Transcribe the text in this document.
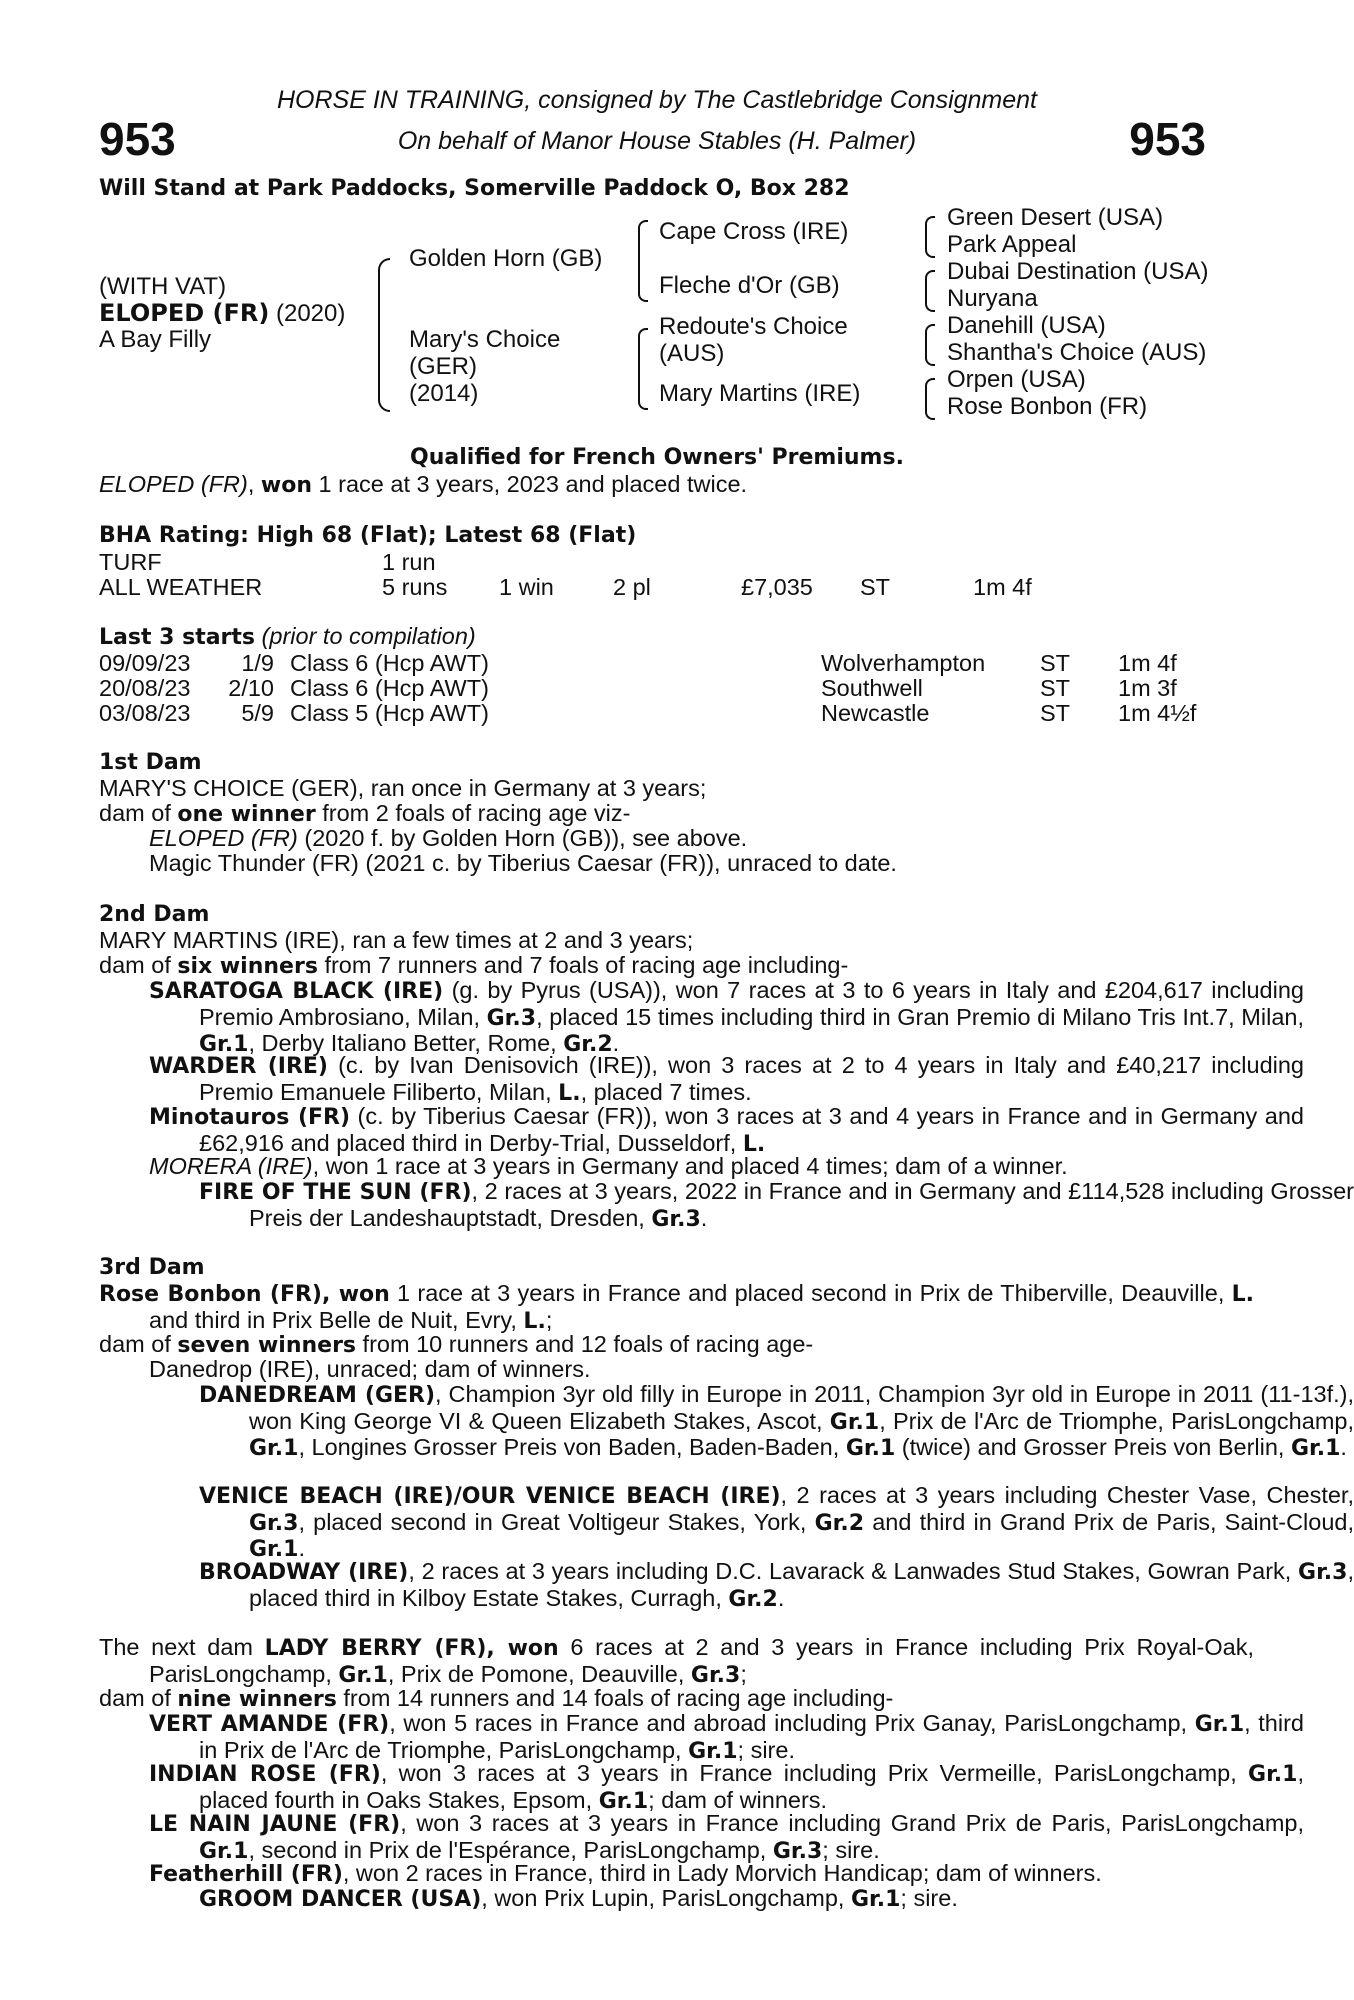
953	953
HORSE IN TRAINING, consigned by The Castlebridge Consignment
On behalf of Manor House Stables (H. Palmer)
Will Stand at Park Paddocks, Somerville Paddock O, Box 282
(WITH VAT)
ELOPED (FR) (2020)
A Bay Filly
Golden Horn (GB)
Mary's Choice
(GER)
(2014)
Cape Cross (IRE)
Fleche d'Or (GB)
Redoute's Choice
(AUS)
Mary Martins (IRE)
Green Desert (USA)
Park Appeal
Dubai Destination (USA)
Nuryana
Danehill (USA)
Shantha's Choice (AUS)
Orpen (USA)
Rose Bonbon (FR)
Qualified for French Owners' Premiums.
ELOPED (FR), won 1 race at 3 years, 2023 and placed twice.
BHA Rating: High 68 (Flat); Latest 68 (Flat)
TURF	1 run
ALL WEATHER	5 runs 1 win	2 pl	£7,035 ST	1m 4f
Last 3 starts (prior to compilation)
09/09/23	1/9 Class 6 (Hcp AWT)	Wolverhampton ST 1m 4f
20/08/23	2/10 Class 6 (Hcp AWT)	Southwell	ST 1m 3f
03/08/23	5/9 Class 5 (Hcp AWT)	Newcastle	ST 1m 4½f
1st Dam
MARY'S CHOICE (GER), ran once in Germany at 3 years;
dam of one winner from 2 foals of racing age viz-
ELOPED (FR) (2020 f. by Golden Horn (GB)), see above.
Magic Thunder (FR) (2021 c. by Tiberius Caesar (FR)), unraced to date.
2nd Dam
MARY MARTINS (IRE), ran a few times at 2 and 3 years;
dam of six winners from 7 runners and 7 foals of racing age including-
SARATOGA BLACK (IRE) (g. by Pyrus (USA)), won 7 races at 3 to 6 years in Italy and £204,617 including Premio Ambrosiano, Milan, Gr.3, placed 15 times including third in Gran Premio di Milano Tris Int.7, Milan, Gr.1, Derby Italiano Better, Rome, Gr.2.
WARDER (IRE) (c. by Ivan Denisovich (IRE)), won 3 races at 2 to 4 years in Italy and £40,217 including Premio Emanuele Filiberto, Milan, L., placed 7 times.
Minotauros (FR) (c. by Tiberius Caesar (FR)), won 3 races at 3 and 4 years in France and in Germany and £62,916 and placed third in Derby-Trial, Dusseldorf, L.
MORERA (IRE), won 1 race at 3 years in Germany and placed 4 times; dam of a winner.
FIRE OF THE SUN (FR), 2 races at 3 years, 2022 in France and in Germany and £114,528 including Grosser Preis der Landeshauptstadt, Dresden, Gr.3.
3rd Dam
Rose Bonbon (FR), won 1 race at 3 years in France and placed second in Prix de Thiberville, Deauville, L. and third in Prix Belle de Nuit, Evry, L.;
dam of seven winners from 10 runners and 12 foals of racing age-
Danedrop (IRE), unraced; dam of winners.
DANEDREAM (GER), Champion 3yr old filly in Europe in 2011, Champion 3yr old in Europe in 2011 (11-13f.), won King George VI & Queen Elizabeth Stakes, Ascot, Gr.1, Prix de l'Arc de Triomphe, ParisLongchamp, Gr.1, Longines Grosser Preis von Baden, Baden-Baden, Gr.1 (twice) and Grosser Preis von Berlin, Gr.1.
VENICE BEACH (IRE)/OUR VENICE BEACH (IRE), 2 races at 3 years including Chester Vase, Chester, Gr.3, placed second in Great Voltigeur Stakes, York, Gr.2 and third in Grand Prix de Paris, Saint-Cloud, Gr.1.
BROADWAY (IRE), 2 races at 3 years including D.C. Lavarack & Lanwades Stud Stakes, Gowran Park, Gr.3, placed third in Kilboy Estate Stakes, Curragh, Gr.2.
The next dam LADY BERRY (FR), won 6 races at 2 and 3 years in France including Prix Royal-Oak, ParisLongchamp, Gr.1, Prix de Pomone, Deauville, Gr.3;
dam of nine winners from 14 runners and 14 foals of racing age including-
VERT AMANDE (FR), won 5 races in France and abroad including Prix Ganay, ParisLongchamp, Gr.1, third in Prix de l'Arc de Triomphe, ParisLongchamp, Gr.1; sire.
INDIAN ROSE (FR), won 3 races at 3 years in France including Prix Vermeille, ParisLongchamp, Gr.1, placed fourth in Oaks Stakes, Epsom, Gr.1; dam of winners.
LE NAIN JAUNE (FR), won 3 races at 3 years in France including Grand Prix de Paris, ParisLongchamp, Gr.1, second in Prix de l'Espérance, ParisLongchamp, Gr.3; sire.
Featherhill (FR), won 2 races in France, third in Lady Morvich Handicap; dam of winners.
GROOM DANCER (USA), won Prix Lupin, ParisLongchamp, Gr.1; sire.
